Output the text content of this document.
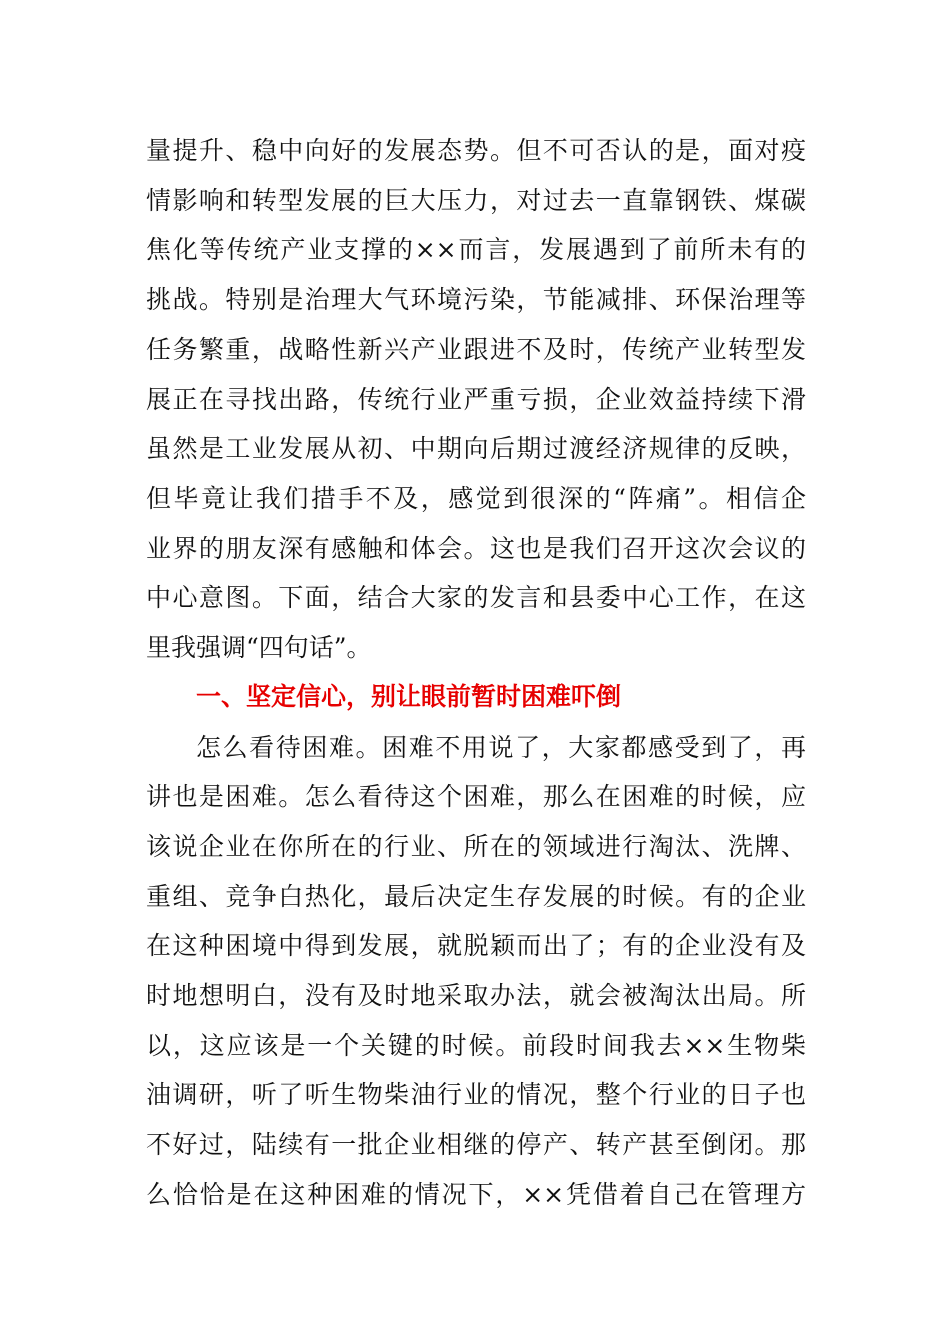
量提升、稳中向好的发展态势。但不可否认的是，面对疫
情影响和转型发展的巨大压力，对过去一直靠钢铁、煤碳
焦化等传统产业支撑的××而言，发展遇到了前所未有的
挑战。特别是治理大气环境污染，节能减排、环保治理等
任务繁重，战略性新兴产业跟进不及时，传统产业转型发
展正在寻找出路，传统行业严重亏损，企业效益持续下滑
虽然是工业发展从初、中期向后期过渡经济规律的反映，
但毕竟让我们措手不及，感觉到很深的“阵痛”。相信企
业界的朋友深有感触和体会。这也是我们召开这次会议的
中心意图。下面，结合大家的发言和县委中心工作，在这
里我强调“四句话”。
一、坚定信心，别让眼前暂时困难吓倒
怎么看待困难。困难不用说了，大家都感受到了，再
讲也是困难。怎么看待这个困难，那么在困难的时候，应
该说企业在你所在的行业、所在的领域进行淘汰、洗牌、
重组、竞争白热化，最后决定生存发展的时候。有的企业
在这种困境中得到发展，就脱颖而出了；有的企业没有及
时地想明白，没有及时地采取办法，就会被淘汰出局。所
以，这应该是一个关键的时候。前段时间我去××生物柴
油调研，听了听生物柴油行业的情况，整个行业的日子也
不好过，陆续有一批企业相继的停产、转产甚至倒闭。那
么恰恰是在这种困难的情况下，××凭借着自己在管理方
